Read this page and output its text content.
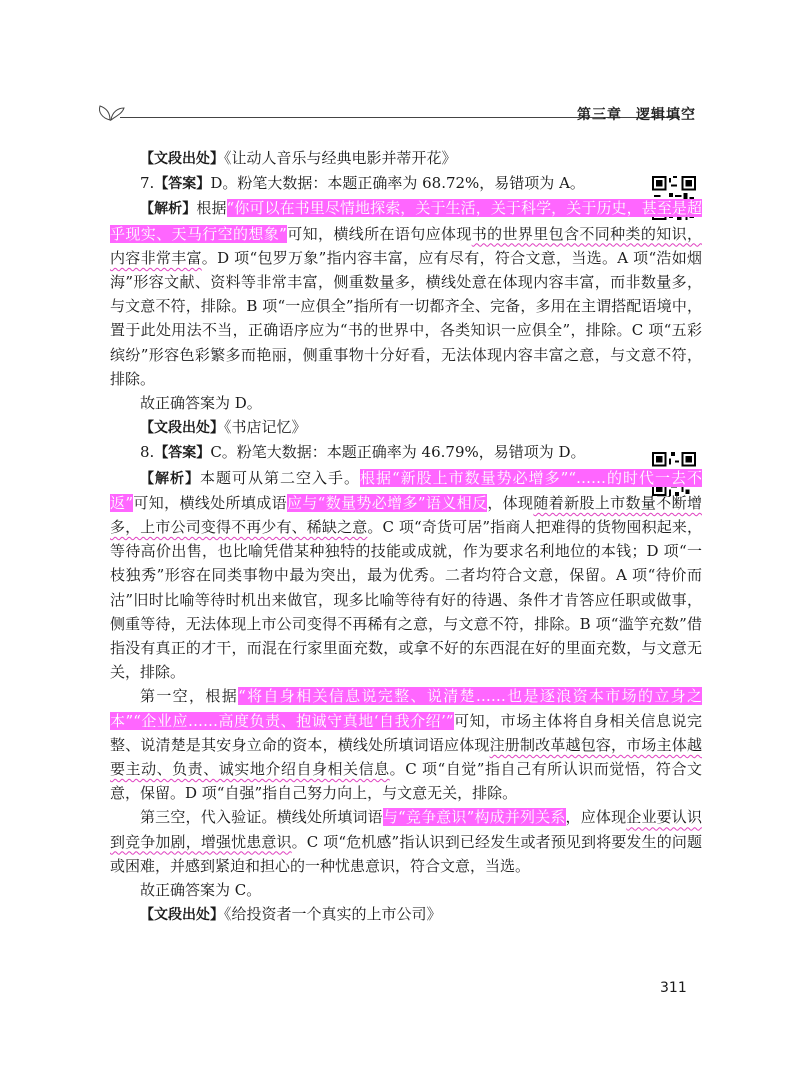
第三章 逻辑填空

【文段出处】《让动人音乐与经典电影并蒂开花》

7.【答案】D。粉笔大数据：本题正确率为 68.72%，易错项为 A。

【解析】根据“你可以在书里尽情地探索，关于生活，关于科学，关于历史，甚至是超乎现实、天马行空的想象”可知，横线所在语句应体现书的世界里包含不同种类的知识，内容非常丰富。D 项“包罗万象”指内容丰富，应有尽有，符合文意，当选。A 项“浩如烟海”形容文献、资料等非常丰富，侧重数量多，横线处意在体现内容丰富，而非数量多，与文意不符，排除。B 项“一应俱全”指所有一切都齐全、完备，多用在主谓搭配语境中，置于此处用法不当，正确语序应为“书的世界中，各类知识一应俱全”，排除。C 项“五彩缤纷”形容色彩繁多而艳丽，侧重事物十分好看，无法体现内容丰富之意，与文意不符，排除。

故正确答案为 D。

【文段出处】《书店记忆》

8.【答案】C。粉笔大数据：本题正确率为 46.79%，易错项为 D。

【解析】本题可从第二空入手。根据“新股上市数量势必增多”“……的时代一去不返”可知，横线处所填成语应与“数量势必增多”语义相反，体现随着新股上市数量不断增多，上市公司变得不再少有、稀缺之意。C 项“奇货可居”指商人把难得的货物囤积起来，等待高价出售，也比喻凭借某种独特的技能或成就，作为要求名利地位的本钱；D 项“一枝独秀”形容在同类事物中最为突出，最为优秀。二者均符合文意，保留。A 项“待价而沽”旧时比喻等待时机出来做官，现多比喻等待有好的待遇、条件才肯答应任职或做事，侧重等待，无法体现上市公司变得不再稀有之意，与文意不符，排除。B 项“滥竽充数”借指没有真正的才干，而混在行家里面充数，或拿不好的东西混在好的里面充数，与文意无关，排除。

第一空，根据“将自身相关信息说完整、说清楚……也是逐浪资本市场的立身之本”“企业应……高度负责、抱诚守真地‘自我介绍’”可知，市场主体将自身相关信息说完整、说清楚是其安身立命的资本，横线处所填词语应体现注册制改革越包容，市场主体越要主动、负责、诚实地介绍自身相关信息。C 项“自觉”指自己有所认识而觉悟，符合文意，保留。D 项“自强”指自己努力向上，与文意无关，排除。

第三空，代入验证。横线处所填词语与“竞争意识”构成并列关系，应体现企业要认识到竞争加剧，增强忧患意识。C 项“危机感”指认识到已经发生或者预见到将要发生的问题或困难，并感到紧迫和担心的一种忧患意识，符合文意，当选。

故正确答案为 C。

【文段出处】《给投资者一个真实的上市公司》

311
